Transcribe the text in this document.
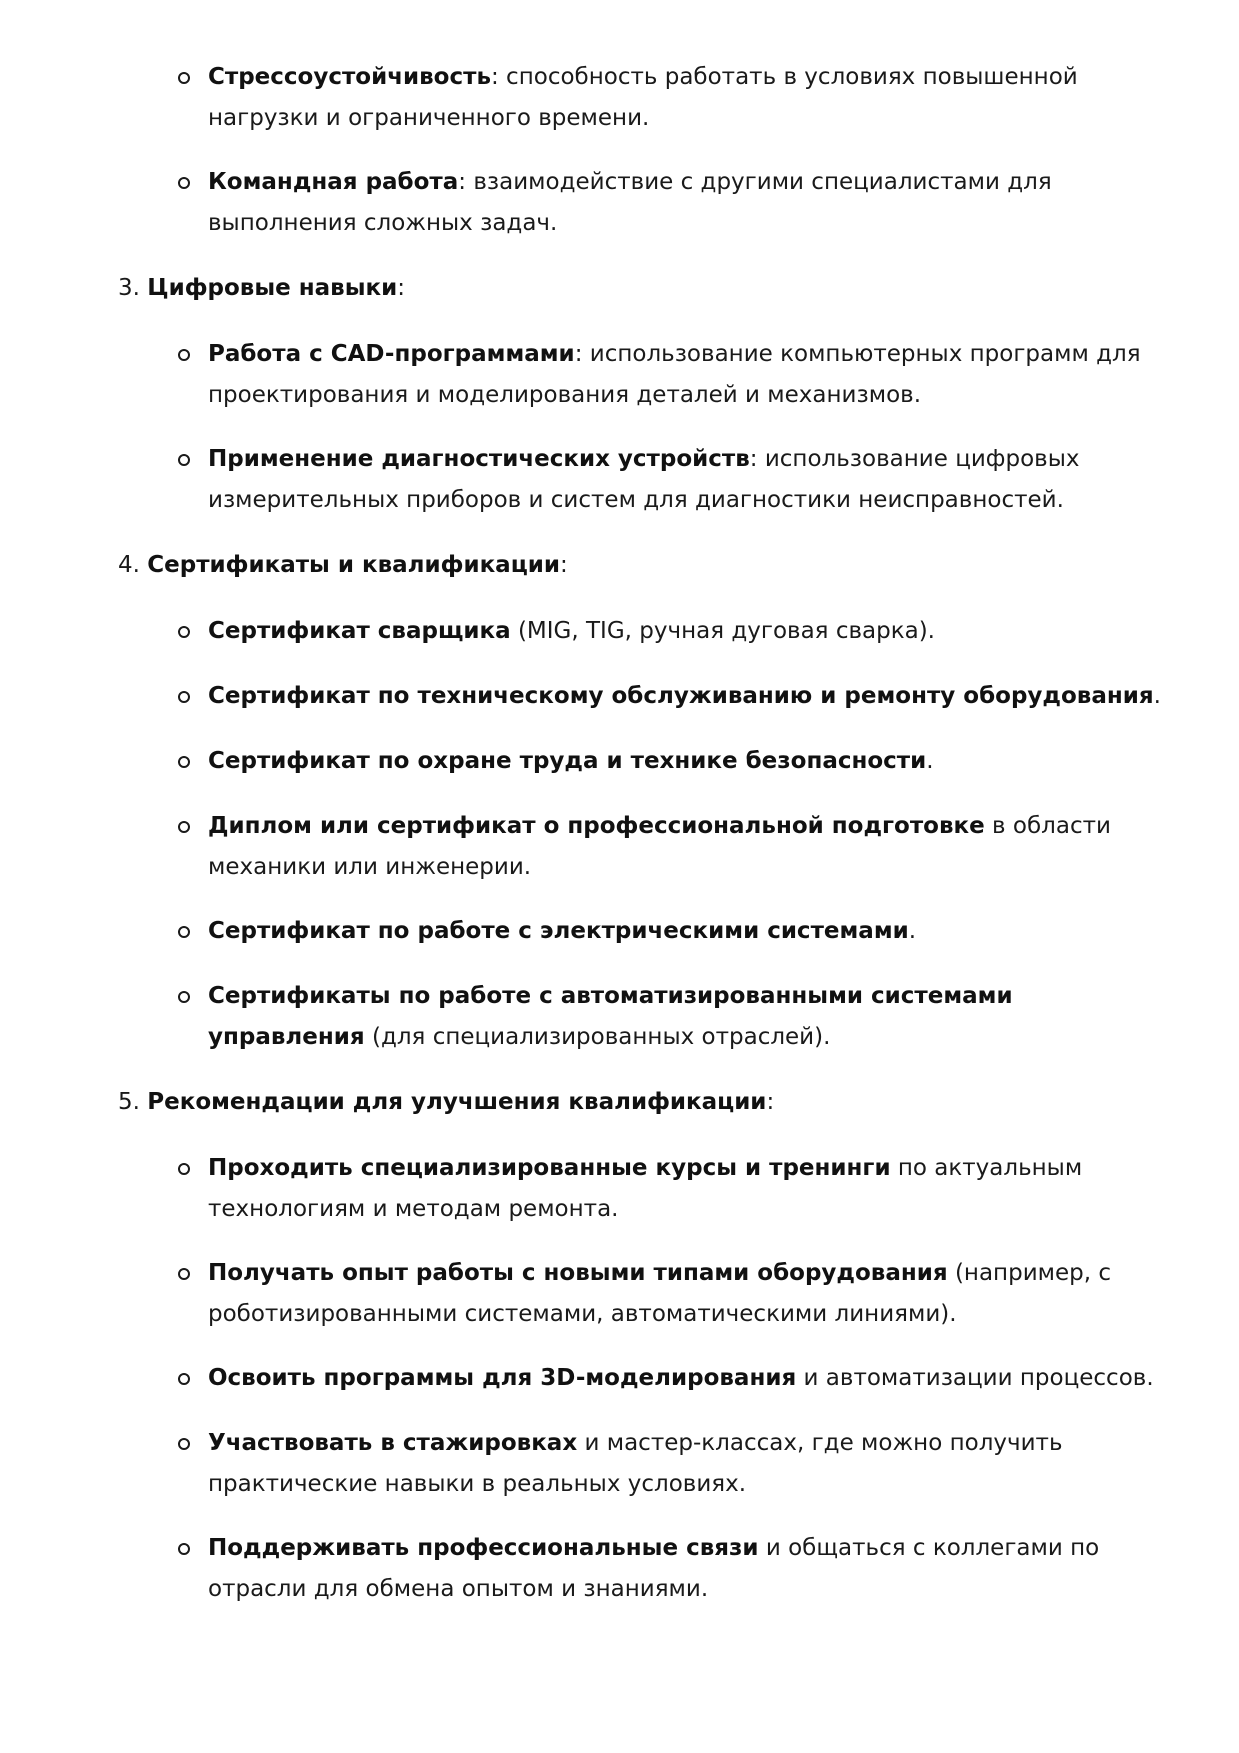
Стрессоустойчивость: способность работать в условиях повышенной нагрузки и ограниченного времени.

Командная работа: взаимодействие с другими специалистами для выполнения сложных задач.

3. Цифровые навыки:

Работа с CAD-программами: использование компьютерных программ для проектирования и моделирования деталей и механизмов.

Применение диагностических устройств: использование цифровых измерительных приборов и систем для диагностики неисправностей.

4. Сертификаты и квалификации:

Сертификат сварщика (MIG, TIG, ручная дуговая сварка).

Сертификат по техническому обслуживанию и ремонту оборудования.

Сертификат по охране труда и технике безопасности.

Диплом или сертификат о профессиональной подготовке в области механики или инженерии.

Сертификат по работе с электрическими системами.

Сертификаты по работе с автоматизированными системами управления (для специализированных отраслей).

5. Рекомендации для улучшения квалификации:

Проходить специализированные курсы и тренинги по актуальным технологиям и методам ремонта.

Получать опыт работы с новыми типами оборудования (например, с роботизированными системами, автоматическими линиями).

Освоить программы для 3D-моделирования и автоматизации процессов.

Участвовать в стажировках и мастер-классах, где можно получить практические навыки в реальных условиях.

Поддерживать профессиональные связи и общаться с коллегами по отрасли для обмена опытом и знаниями.
